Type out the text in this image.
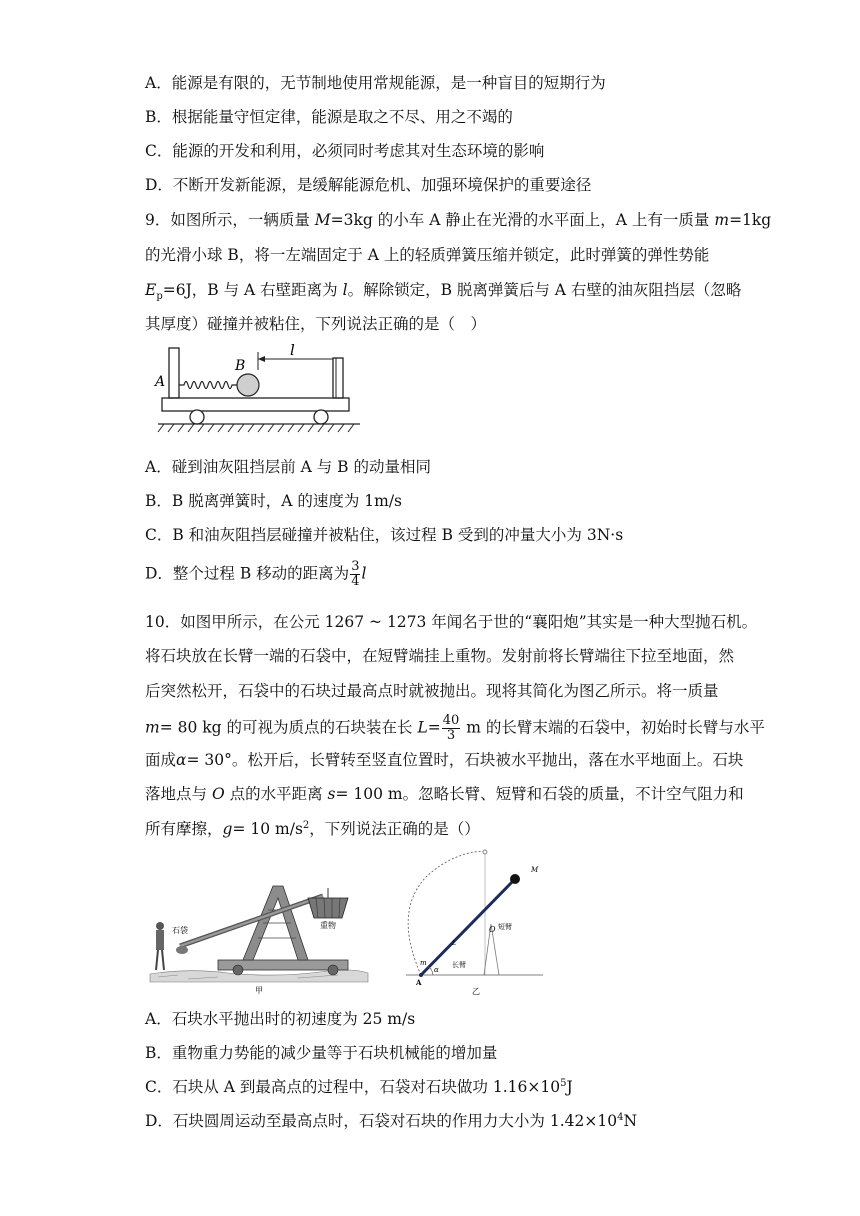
A．能源是有限的，无节制地使用常规能源，是一种盲目的短期行为
B．根据能量守恒定律，能源是取之不尽、用之不竭的
C．能源的开发和利用，必须同时考虑其对生态环境的影响
D．不断开发新能源，是缓解能源危机、加强环境保护的重要途径
9．如图所示，一辆质量 M=3kg 的小车 A 静止在光滑的水平面上，A 上有一质量 m=1kg
的光滑小球 B，将一左端固定于 A 上的轻质弹簧压缩并锁定，此时弹簧的弹性势能
$E_p=6J$，B 与 A 右壁距离为 l。解除锁定，B 脱离弹簧后与 A 右壁的油灰阻挡层（忽略
其厚度）碰撞并被粘住，下列说法正确的是（　）
l
B
A
A．碰到油灰阻挡层前 A 与 B 的动量相同
B．B 脱离弹簧时，A 的速度为 1m/s
C．B 和油灰阻挡层碰撞并被粘住，该过程 B 受到的冲量大小为 3N·s
D．整个过程 B 移动的距离为 $\frac{3}{4}$ l
10．如图甲所示，在公元 1267 ~ 1273 年闻名于世的“襄阳炮”其实是一种大型抛石机。
将石块放在长臂一端的石袋中，在短臂端挂上重物。发射前将长臂端往下拉至地面，然
后突然松开，石袋中的石块过最高点时就被抛出。现将其简化为图乙所示。将一质量
m= 80 kg 的可视为质点的石块装在长 $L= \frac{40}{3}$ m 的长臂末端的石袋中，初始时长臂与水平
面成α= 30°。松开后，长臂转至竖直位置时，石块被水平抛出，落在水平地面上。石块
落地点与 O 点的水平距离 s= 100 m。忽略长臂、短臂和石袋的质量，不计空气阻力和
所有摩擦，g= 10 $m/s^2$，下列说法正确的是（）
石袋
重物
甲
M
O 短臂
L
长臂
m
α
A
乙
A．石块水平抛出时的初速度为 25 m/s
B．重物重力势能的减少量等于石块机械能的增加量
C．石块从 A 到最高点的过程中，石袋对石块做功 $1.16\times 10^5J$
D．石块圆周运动至最高点时，石袋对石块的作用力大小为 $1.42\times 10^4N$
